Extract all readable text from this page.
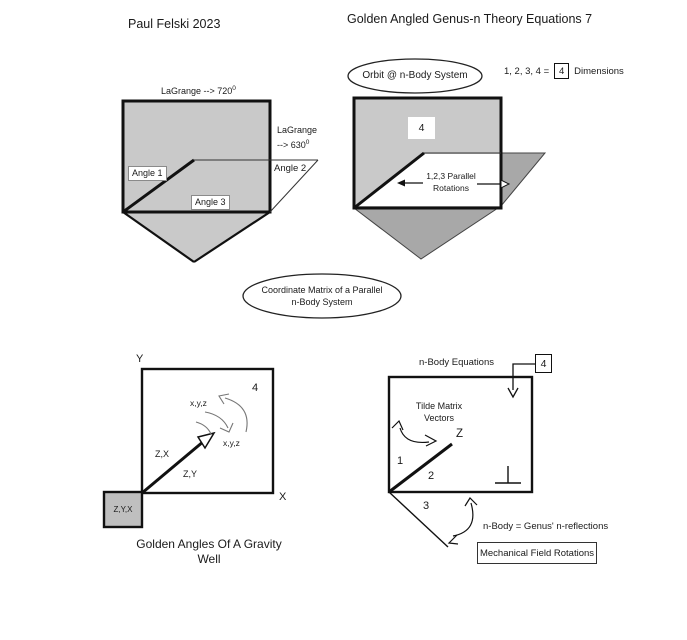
Paul Felski 2023	Golden Angled Genus-n Theory Equations 7
LaGrange --> $720^0$
LaGrange
--> $630^0$
Angle 1	Angle 2
Angle 3
Orbit @ n-Body System	1, 2, 3, 4 =	4	Dimensions
4
1,2,3 Parallel
Rotations
Coordinate Matrix of a Parallel
n-Body System
Y
X
4
x,y,z
x,y,z
Z,X
Z,Y
Z,Y,X
Golden Angles Of A Gravity
Well
n-Body Equations	4
Tilde Matrix
Vectors
Z
1
2
3
n-Body = Genus' n-reflections
Mechanical Field Rotations
